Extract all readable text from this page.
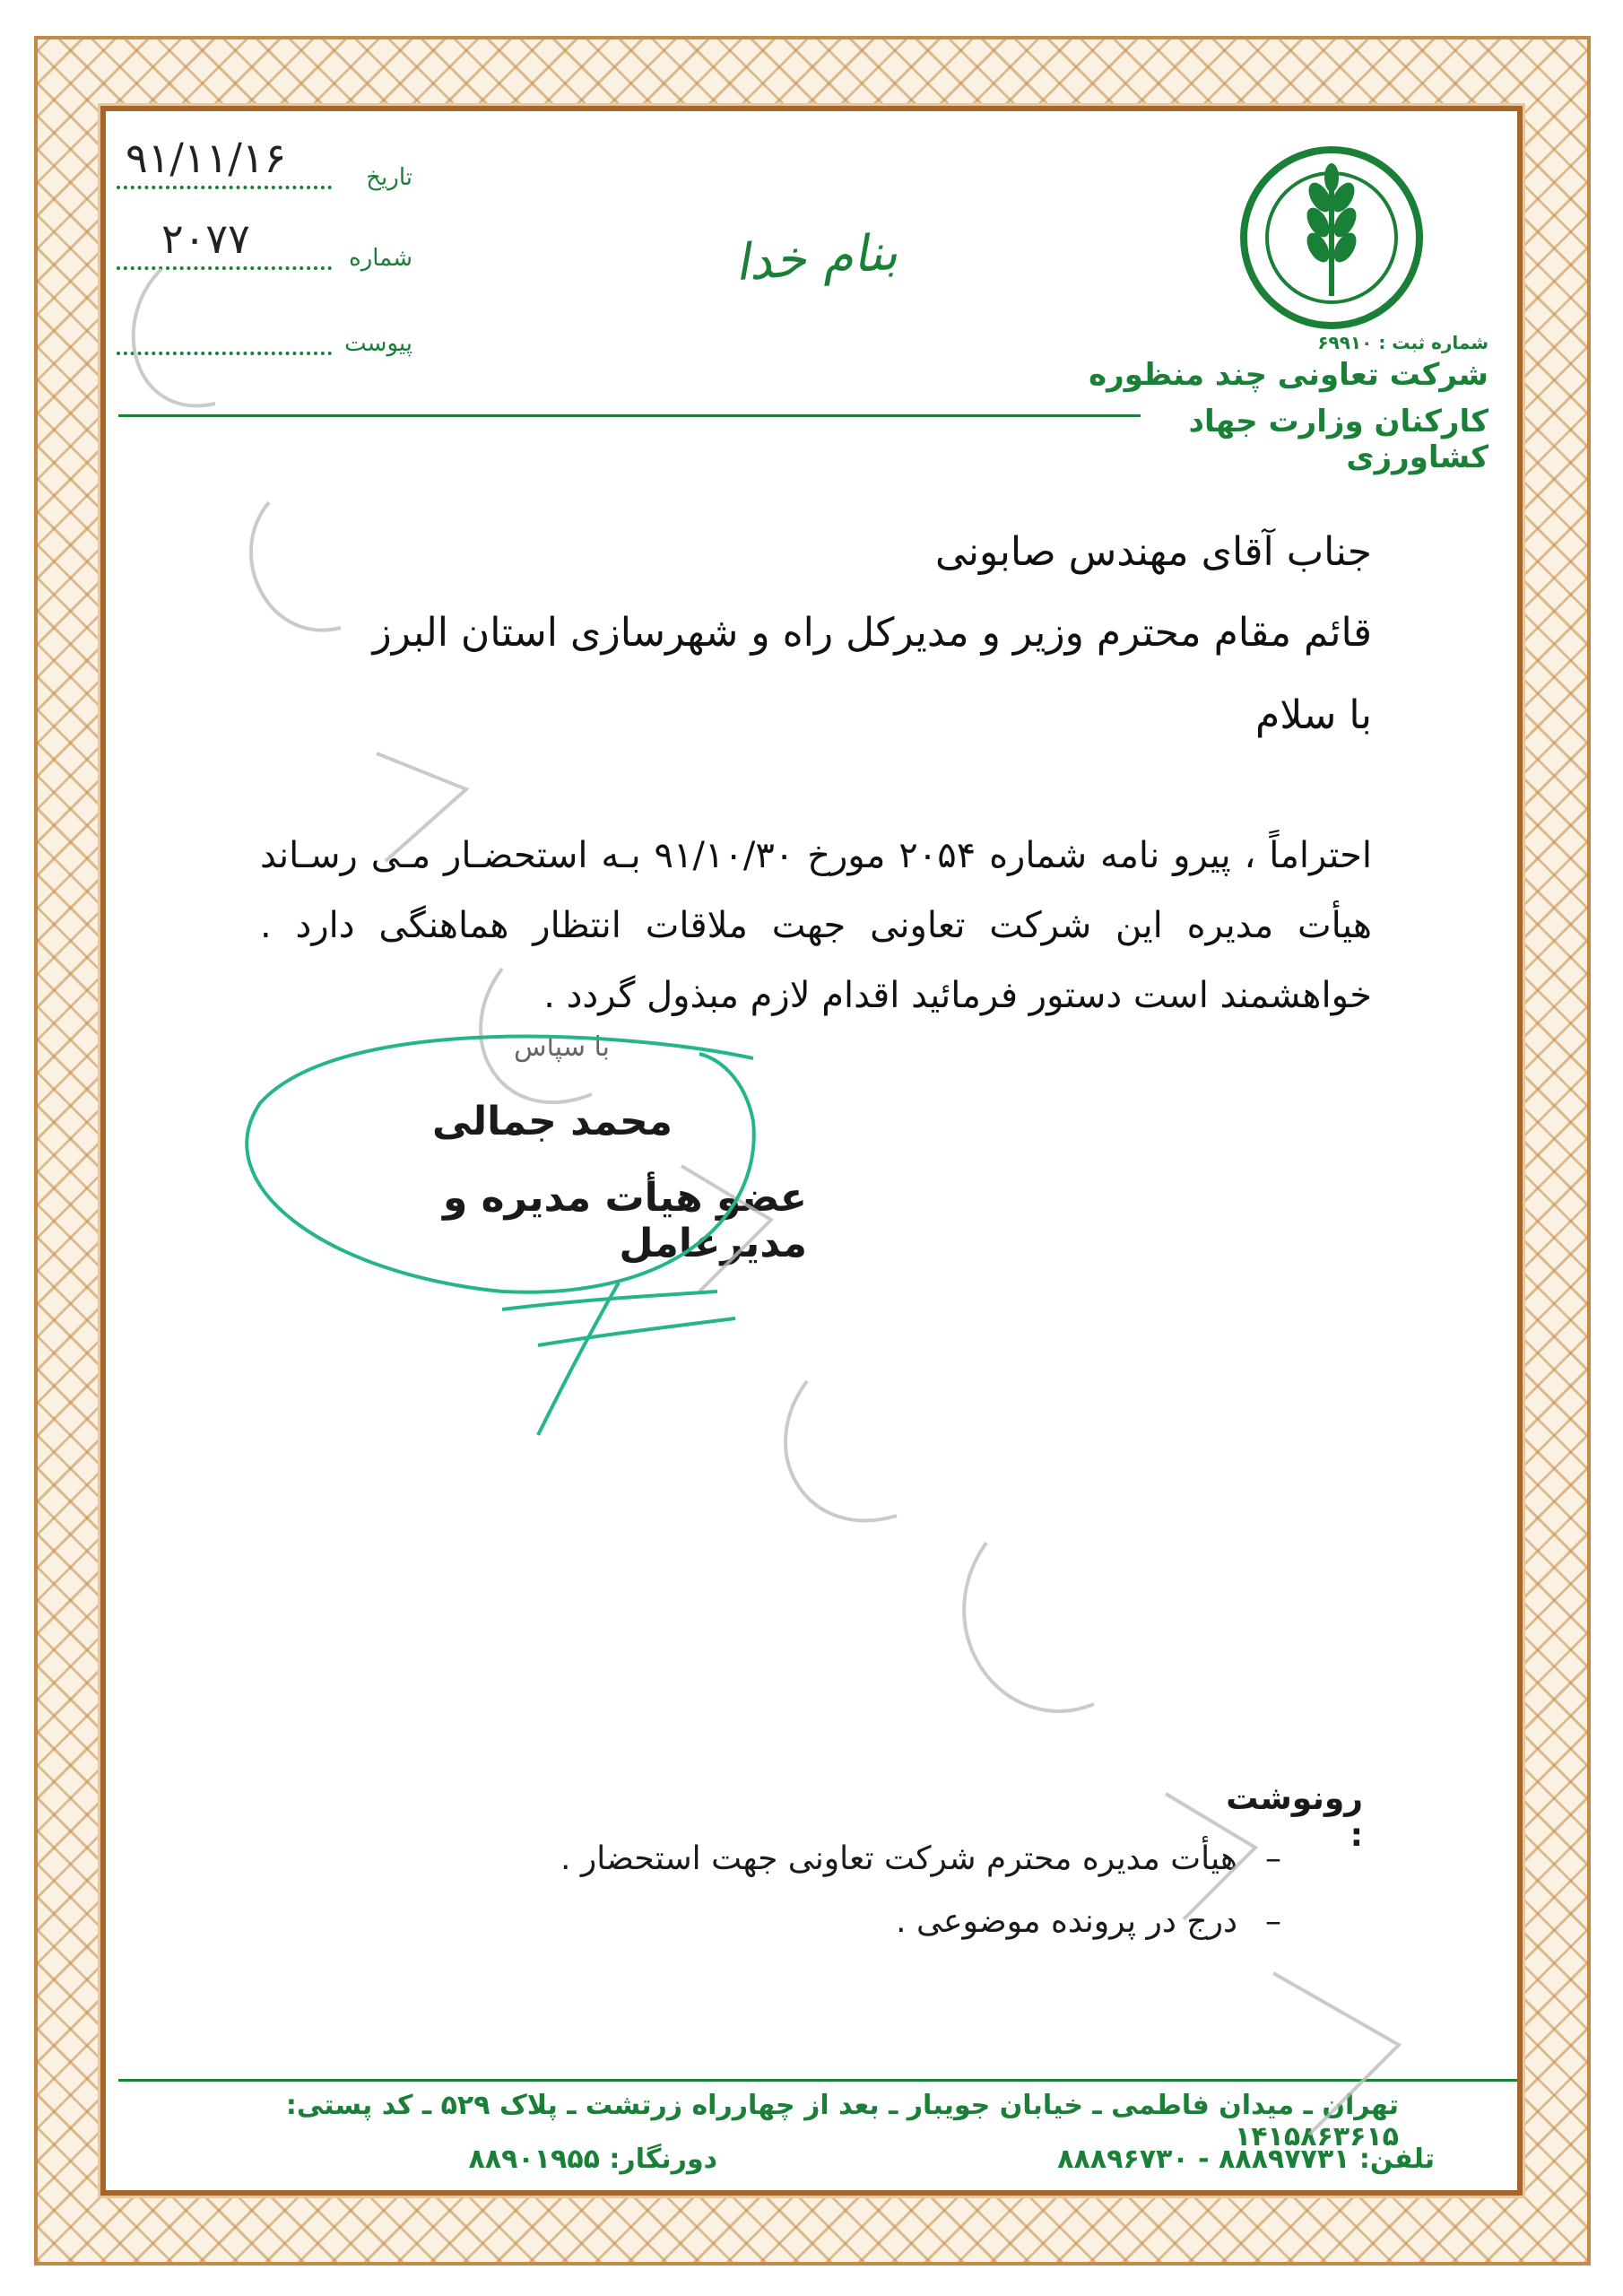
شماره ثبت : ۶۹۹۱۰
شرکت تعاونی چند منظوره
کارکنان وزارت جهاد کشاورزی
بنام خدا
۹۱/۱۱/۱۶	تاریخ
۲۰۷۷	شماره
پیوست
جناب آقای مهندس صابونی
قائم مقام محترم وزیر و مدیرکل راه و شهرسازی استان البرز
با سلام
احتراماً ، پیرو نامه شماره ۲۰۵۴ مورخ ۹۱/۱۰/۳۰ بـه استحضـار مـی رسـاند هیأت مدیره این شرکت تعاونی جهت ملاقات انتظار هماهنگی دارد . خواهشمند است دستور فرمائید اقدام لازم مبذول گردد .
با سپاس
محمد جمالی
عضو هیأت مدیره و مدیرعامل
رونوشت :
–
هیأت مدیره محترم شرکت تعاونی جهت استحضار .
–
درج در پرونده موضوعی .
تهران ـ میدان فاطمی ـ خیابان جویبار ـ بعد از چهارراه زرتشت ـ پلاک ۵۲۹ ـ کد پستی: ۱۴۱۵۸۶۳۶۱۵
تلفن: ۸۸۸۹۷۷۳۱ - ۸۸۸۹۶۷۳۰
دورنگار: ۸۸۹۰۱۹۵۵
